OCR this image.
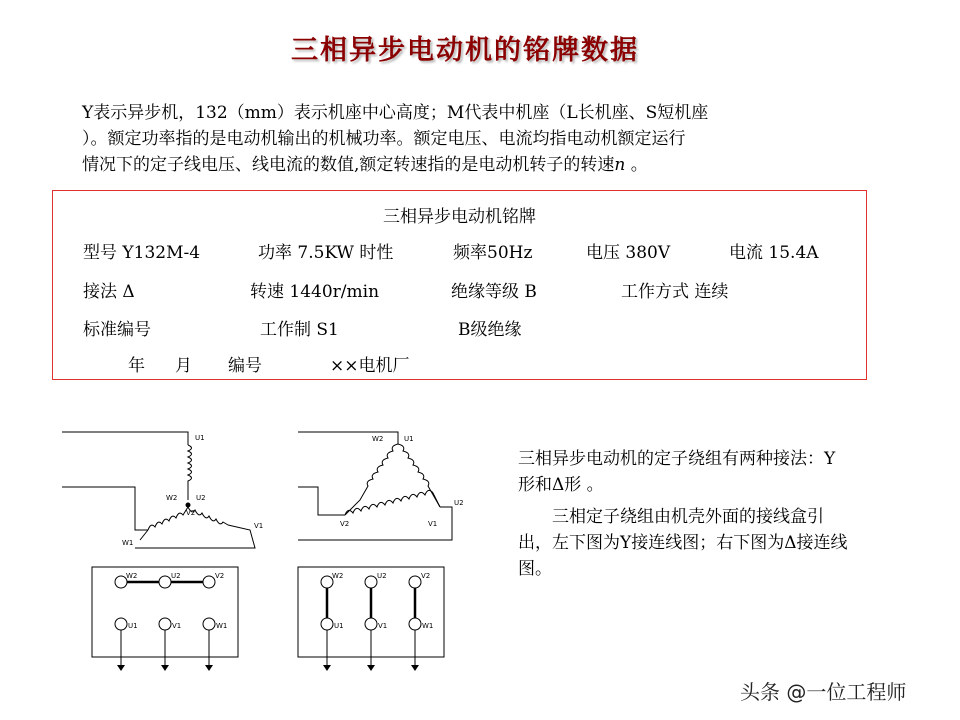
三相异步电动机的铭牌数据
Y表示异步机，132（mm）表示机座中心高度；M代表中机座（L长机座、S短机座
）。额定功率指的是电动机输出的机械功率。额定电压、电流均指电动机额定运行
情况下的定子线电压、线电流的数值,额定转速指的是电动机转子的转速n 。
三相异步电动机铭牌
型号 Y132M-4	功率 7.5KW 时性	频率50Hz	电压 380V	电流 15.4A
接法 Δ	转速 1440r/min	绝缘等级 B	工作方式 连续
标准编号	工作制 S1	B级绝缘
年 月 编号	××电机厂
U1
W2	U2
V2
V1
W1
W2	U1
U2
V2	V1
W2	U2	V2
U1	V1	W1
W2	U2	V2
U1	V1	W1

三相异步电动机的定子绕组有两种接法：Y形和Δ形 。

三相定子绕组由机壳外面的接线盒引出，左下图为Y接连线图；右下图为Δ接连线图。

头条 @一位工程师
